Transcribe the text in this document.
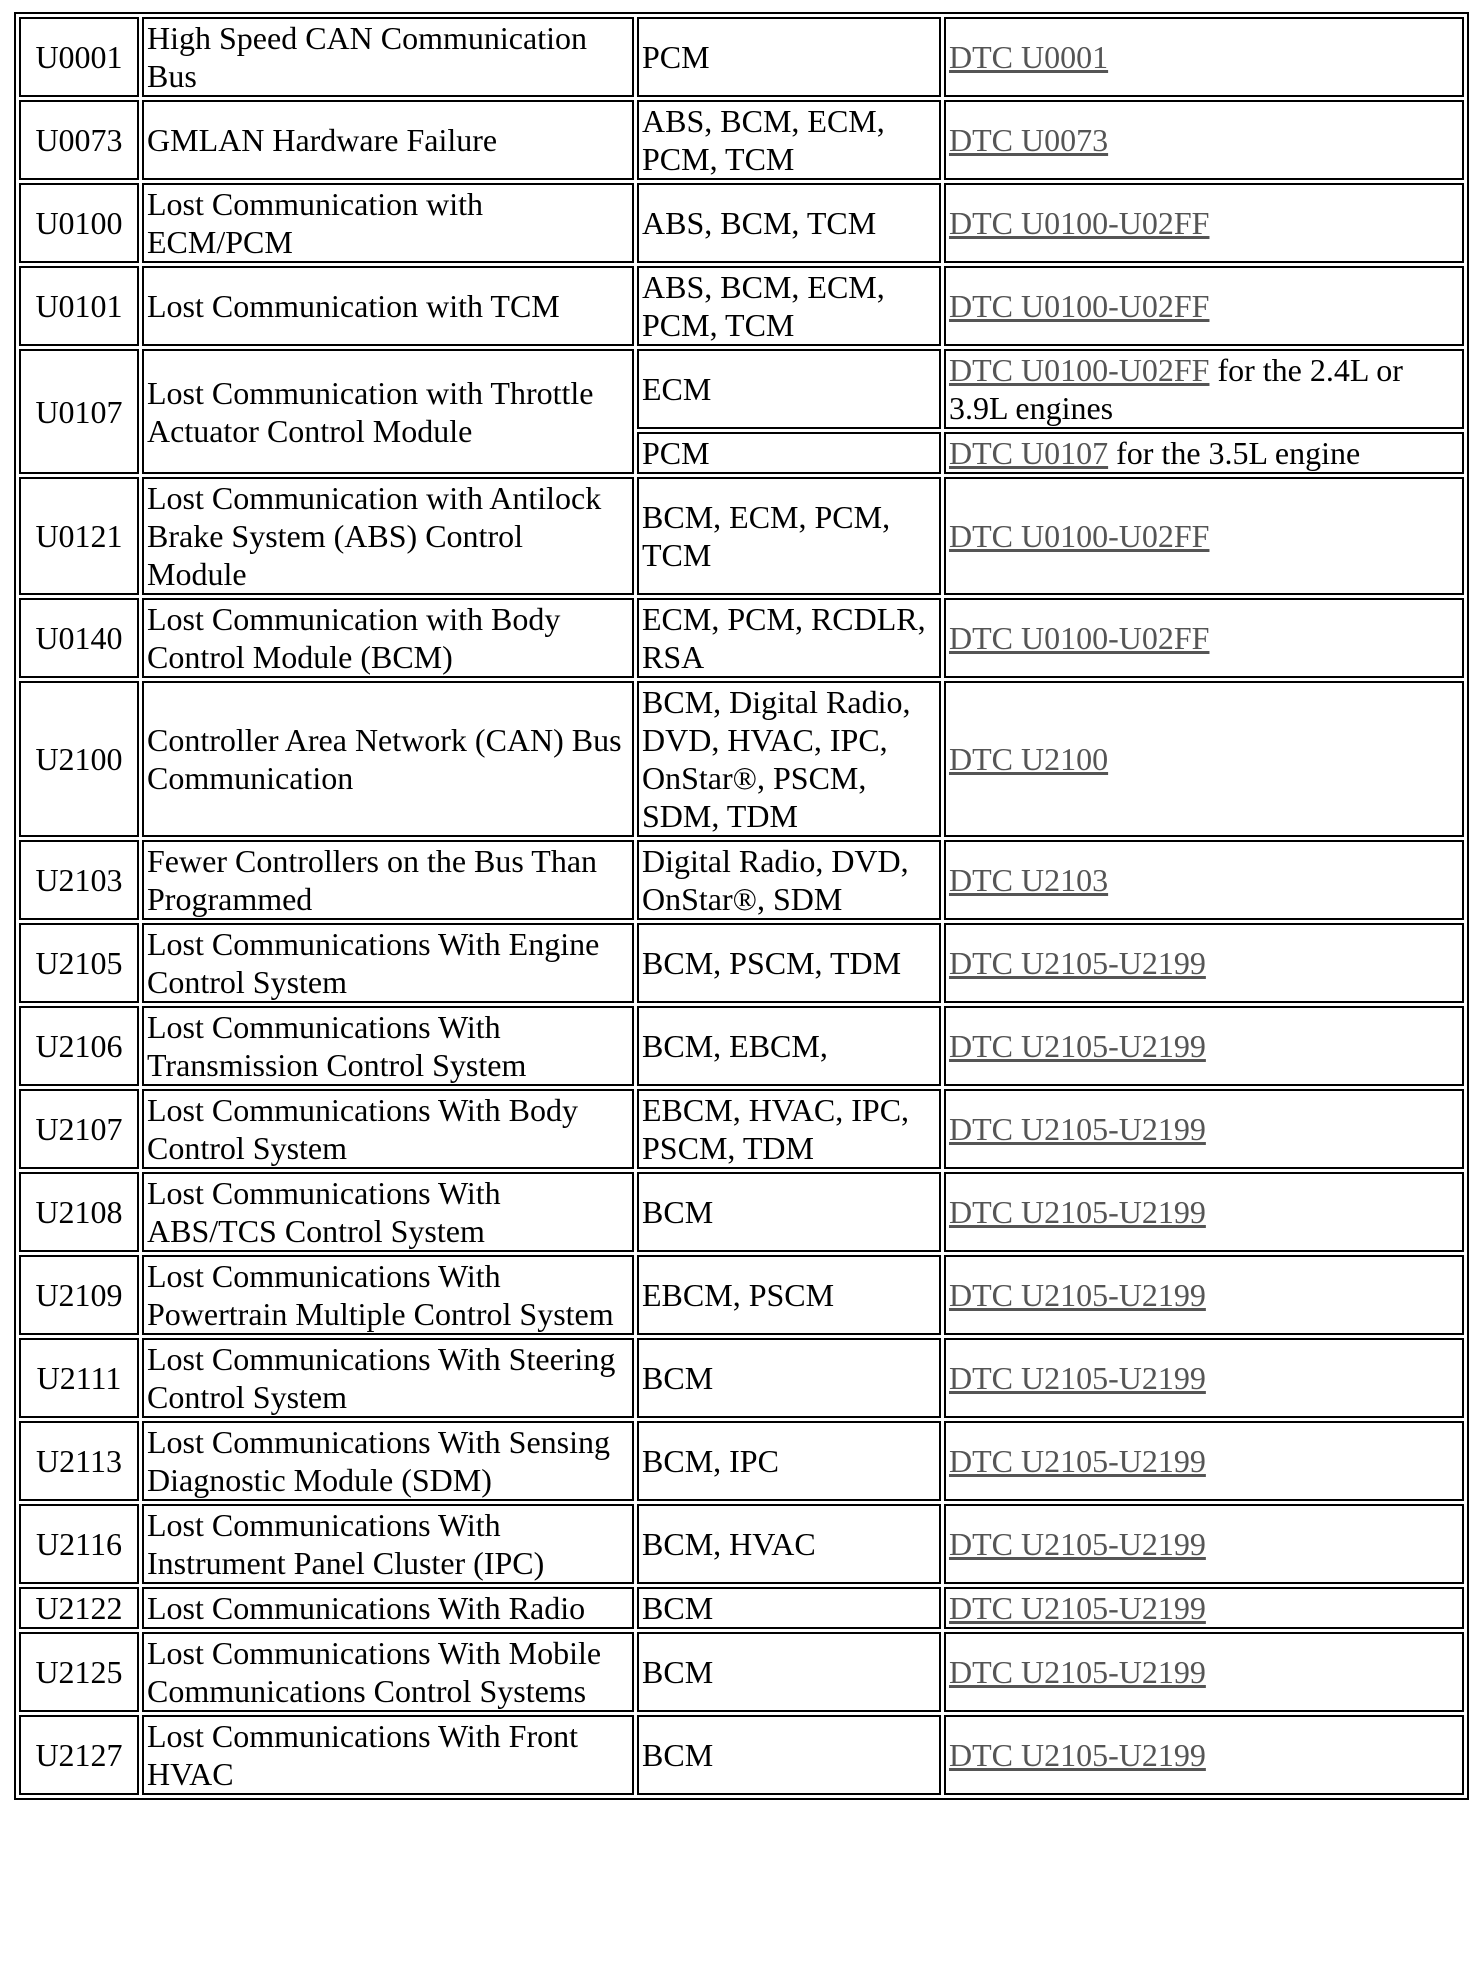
U0001	High Speed CAN Communication Bus	PCM	DTC U0001
U0073	GMLAN Hardware Failure	ABS, BCM, ECM, PCM, TCM	DTC U0073
U0100	Lost Communication with ECM/PCM	ABS, BCM, TCM	DTC U0100-U02FF
U0101	Lost Communication with TCM	ABS, BCM, ECM, PCM, TCM	DTC U0100-U02FF
U0107	Lost Communication with Throttle Actuator Control Module	ECM	DTC U0100-U02FF for the 2.4L or 3.9L engines
		PCM	DTC U0107 for the 3.5L engine
U0121	Lost Communication with Antilock Brake System (ABS) Control Module	BCM, ECM, PCM, TCM	DTC U0100-U02FF
U0140	Lost Communication with Body Control Module (BCM)	ECM, PCM, RCDLR, RSA	DTC U0100-U02FF
U2100	Controller Area Network (CAN) Bus Communication	BCM, Digital Radio, DVD, HVAC, IPC, OnStar®, PSCM, SDM, TDM	DTC U2100
U2103	Fewer Controllers on the Bus Than Programmed	Digital Radio, DVD, OnStar®, SDM	DTC U2103
U2105	Lost Communications With Engine Control System	BCM, PSCM, TDM	DTC U2105-U2199
U2106	Lost Communications With Transmission Control System	BCM, EBCM,	DTC U2105-U2199
U2107	Lost Communications With Body Control System	EBCM, HVAC, IPC, PSCM, TDM	DTC U2105-U2199
U2108	Lost Communications With ABS/TCS Control System	BCM	DTC U2105-U2199
U2109	Lost Communications With Powertrain Multiple Control System	EBCM, PSCM	DTC U2105-U2199
U2111	Lost Communications With Steering Control System	BCM	DTC U2105-U2199
U2113	Lost Communications With Sensing Diagnostic Module (SDM)	BCM, IPC	DTC U2105-U2199
U2116	Lost Communications With Instrument Panel Cluster (IPC)	BCM, HVAC	DTC U2105-U2199
U2122	Lost Communications With Radio	BCM	DTC U2105-U2199
U2125	Lost Communications With Mobile Communications Control Systems	BCM	DTC U2105-U2199
U2127	Lost Communications With Front HVAC	BCM	DTC U2105-U2199
